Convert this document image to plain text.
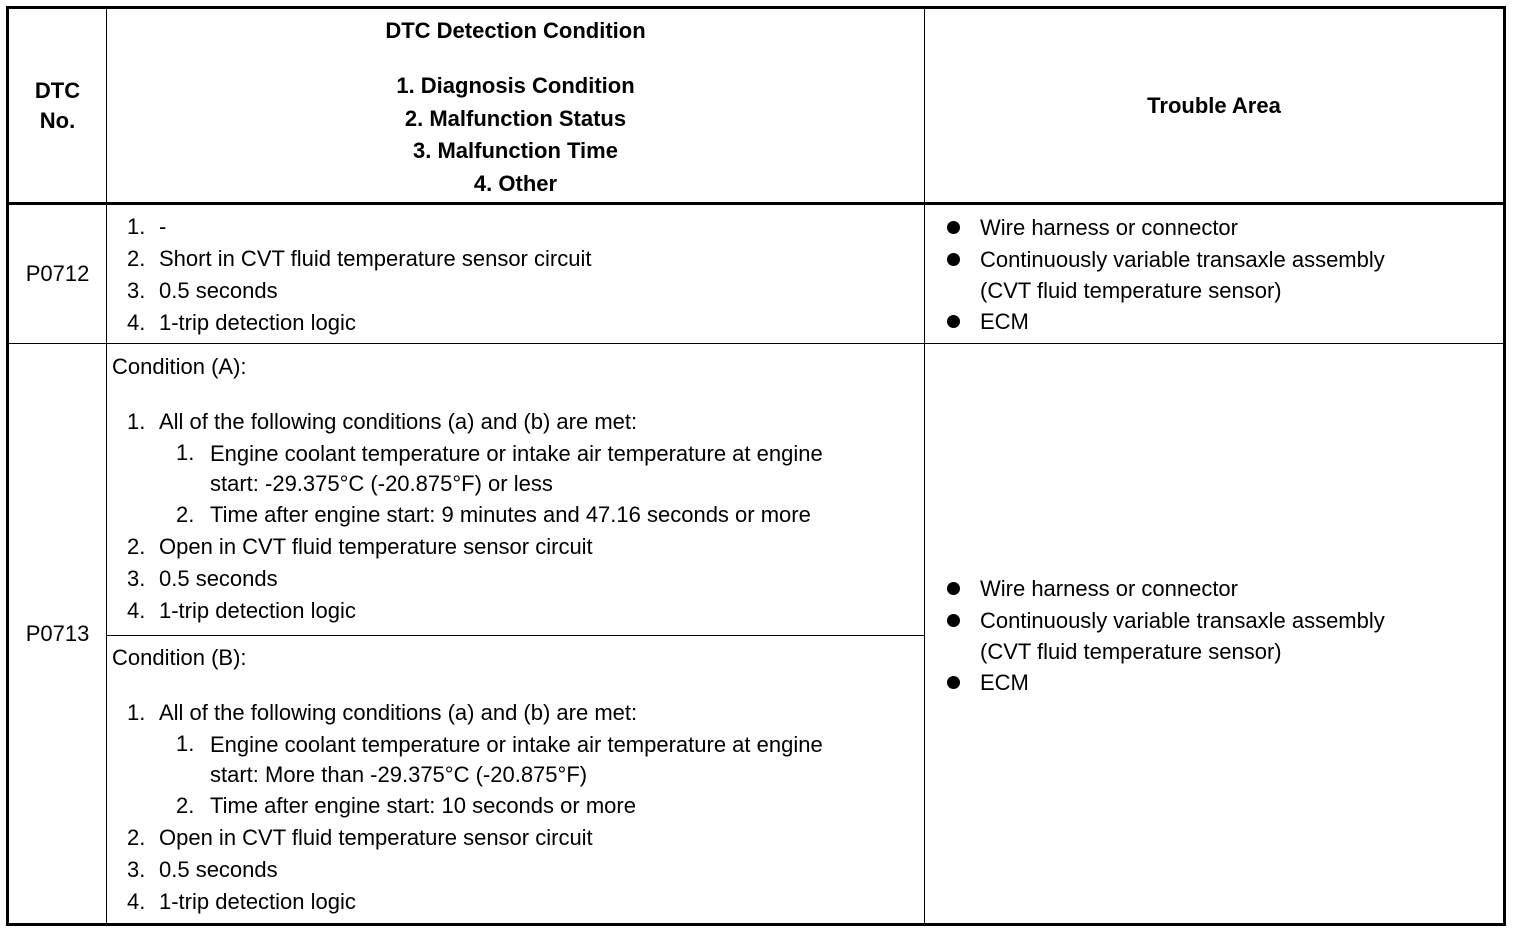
DTC
No.
DTC Detection Condition
1. Diagnosis Condition
2. Malfunction Status
3. Malfunction Time
4. Other
Trouble Area
P0712
1. -
2. Short in CVT fluid temperature sensor circuit
3. 0.5 seconds
4. 1-trip detection logic
Wire harness or connector
Continuously variable transaxle assembly
(CVT fluid temperature sensor)
ECM
P0713
Condition (A):
1. All of the following conditions (a) and (b) are met:
1. Engine coolant temperature or intake air temperature at engine
start: -29.375°C (-20.875°F) or less
2. Time after engine start: 9 minutes and 47.16 seconds or more
2. Open in CVT fluid temperature sensor circuit
3. 0.5 seconds
4. 1-trip detection logic
Condition (B):
1. All of the following conditions (a) and (b) are met:
1. Engine coolant temperature or intake air temperature at engine
start: More than -29.375°C (-20.875°F)
2. Time after engine start: 10 seconds or more
2. Open in CVT fluid temperature sensor circuit
3. 0.5 seconds
4. 1-trip detection logic
Wire harness or connector
Continuously variable transaxle assembly
(CVT fluid temperature sensor)
ECM
